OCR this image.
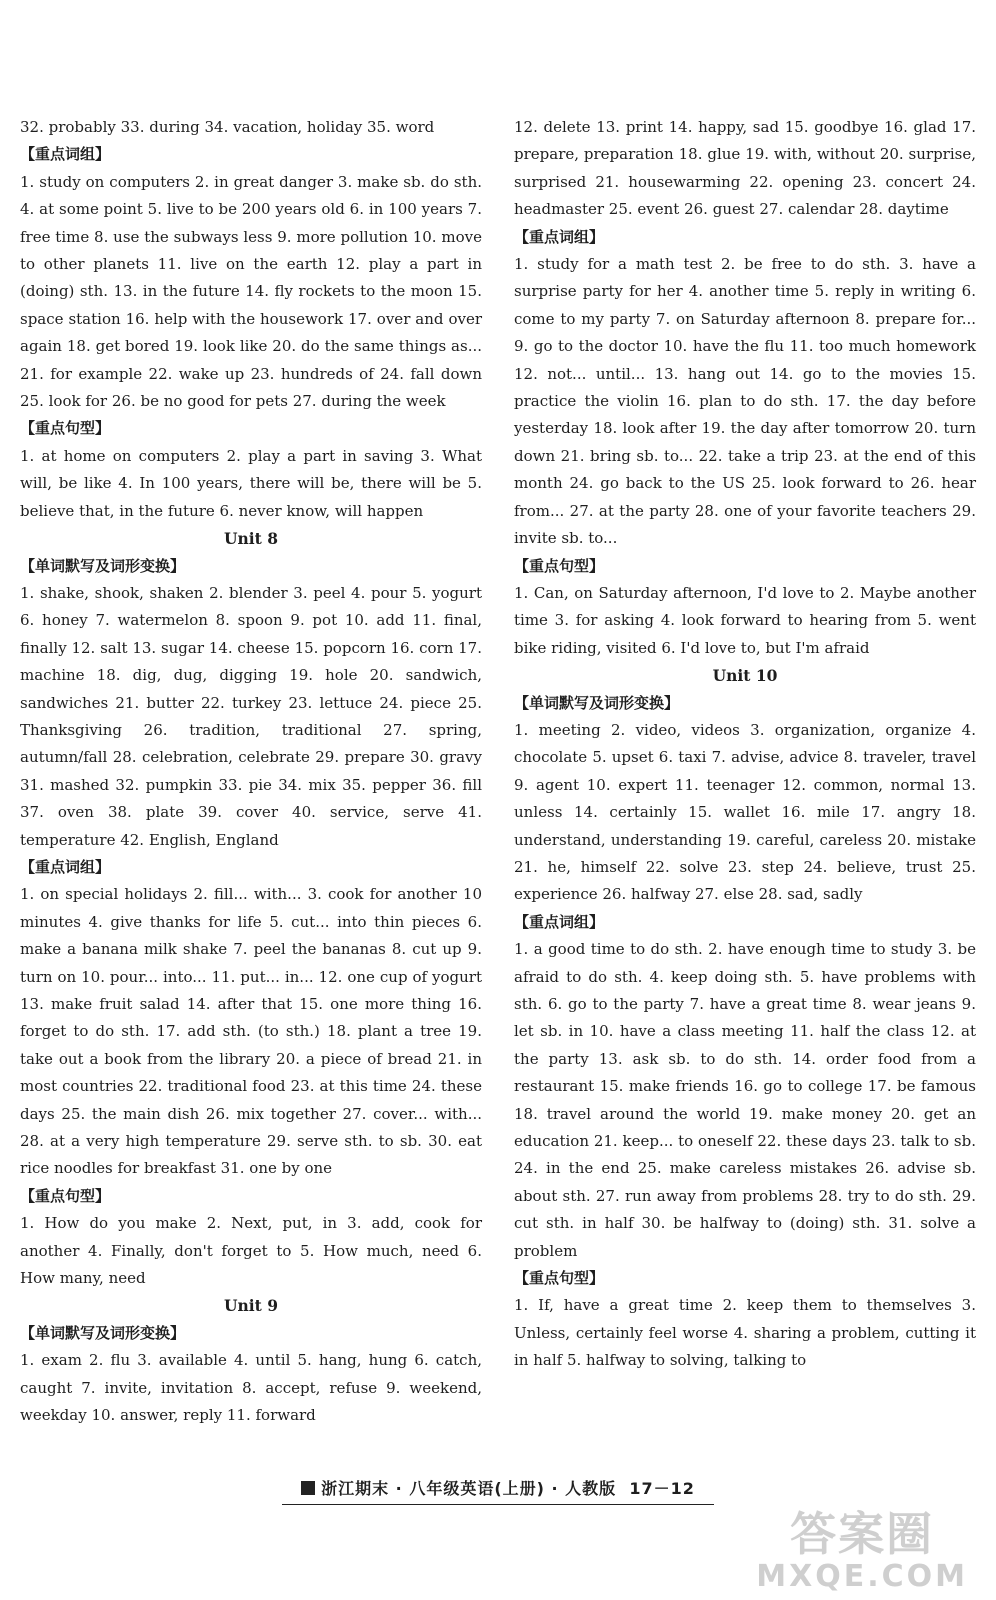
32. probably 33. during 34. vacation, holiday 35. word

【重点词组】

1. study on computers 2. in great danger 3. make sb. do sth. 4. at some point 5. live to be 200 years old 6. in 100 years 7. free time 8. use the subways less 9. more pollution 10. move to other planets 11. live on the earth 12. play a part in (doing) sth. 13. in the future 14. fly rockets to the moon 15. space station 16. help with the housework 17. over and over again 18. get bored 19. look like 20. do the same things as... 21. for example 22. wake up 23. hundreds of 24. fall down 25. look for 26. be no good for pets 27. during the week

【重点句型】

1. at home on computers 2. play a part in saving 3. What will, be like 4. In 100 years, there will be, there will be 5. believe that, in the future 6. never know, will happen

Unit 8

【单词默写及词形变换】

1. shake, shook, shaken 2. blender 3. peel 4. pour 5. yogurt 6. honey 7. watermelon 8. spoon 9. pot 10. add 11. final, finally 12. salt 13. sugar 14. cheese 15. popcorn 16. corn 17. machine 18. dig, dug, digging 19. hole 20. sandwich, sandwiches 21. butter 22. turkey 23. lettuce 24. piece 25. Thanksgiving 26. tradition, traditional 27. spring, autumn/fall 28. celebration, celebrate 29. prepare 30. gravy 31. mashed 32. pumpkin 33. pie 34. mix 35. pepper 36. fill 37. oven 38. plate 39. cover 40. service, serve 41. temperature 42. English, England

【重点词组】

1. on special holidays 2. fill... with... 3. cook for another 10 minutes 4. give thanks for life 5. cut... into thin pieces 6. make a banana milk shake 7. peel the bananas 8. cut up 9. turn on 10. pour... into... 11. put... in... 12. one cup of yogurt 13. make fruit salad 14. after that 15. one more thing 16. forget to do sth. 17. add sth. (to sth.) 18. plant a tree 19. take out a book from the library 20. a piece of bread 21. in most countries 22. traditional food 23. at this time 24. these days 25. the main dish 26. mix together 27. cover... with... 28. at a very high temperature 29. serve sth. to sb. 30. eat rice noodles for breakfast 31. one by one

【重点句型】

1. How do you make 2. Next, put, in 3. add, cook for another 4. Finally, don't forget to 5. How much, need 6. How many, need

Unit 9

【单词默写及词形变换】

1. exam 2. flu 3. available 4. until 5. hang, hung 6. catch, caught 7. invite, invitation 8. accept, refuse 9. weekend, weekday 10. answer, reply 11. forward

12. delete 13. print 14. happy, sad 15. goodbye 16. glad 17. prepare, preparation 18. glue 19. with, without 20. surprise, surprised 21. housewarming 22. opening 23. concert 24. headmaster 25. event 26. guest 27. calendar 28. daytime

【重点词组】

1. study for a math test 2. be free to do sth. 3. have a surprise party for her 4. another time 5. reply in writing 6. come to my party 7. on Saturday afternoon 8. prepare for... 9. go to the doctor 10. have the flu 11. too much homework 12. not... until... 13. hang out 14. go to the movies 15. practice the violin 16. plan to do sth. 17. the day before yesterday 18. look after 19. the day after tomorrow 20. turn down 21. bring sb. to... 22. take a trip 23. at the end of this month 24. go back to the US 25. look forward to 26. hear from... 27. at the party 28. one of your favorite teachers 29. invite sb. to...

【重点句型】

1. Can, on Saturday afternoon, I'd love to 2. Maybe another time 3. for asking 4. look forward to hearing from 5. went bike riding, visited 6. I'd love to, but I'm afraid

Unit 10

【单词默写及词形变换】

1. meeting 2. video, videos 3. organization, organize 4. chocolate 5. upset 6. taxi 7. advise, advice 8. traveler, travel 9. agent 10. expert 11. teenager 12. common, normal 13. unless 14. certainly 15. wallet 16. mile 17. angry 18. understand, understanding 19. careful, careless 20. mistake 21. he, himself 22. solve 23. step 24. believe, trust 25. experience 26. halfway 27. else 28. sad, sadly

【重点词组】

1. a good time to do sth. 2. have enough time to study 3. be afraid to do sth. 4. keep doing sth. 5. have problems with sth. 6. go to the party 7. have a great time 8. wear jeans 9. let sb. in 10. have a class meeting 11. half the class 12. at the party 13. ask sb. to do sth. 14. order food from a restaurant 15. make friends 16. go to college 17. be famous 18. travel around the world 19. make money 20. get an education 21. keep... to oneself 22. these days 23. talk to sb. 24. in the end 25. make careless mistakes 26. advise sb. about sth. 27. run away from problems 28. try to do sth. 29. cut sth. in half 30. be halfway to (doing) sth. 31. solve a problem

【重点句型】

1. If, have a great time 2. keep them to themselves 3. Unless, certainly feel worse 4. sharing a problem, cutting it in half 5. halfway to solving, talking to

浙江期末 · 八年级英语(上册) · 人教版 17－12
答案圈
MXQE.COM
